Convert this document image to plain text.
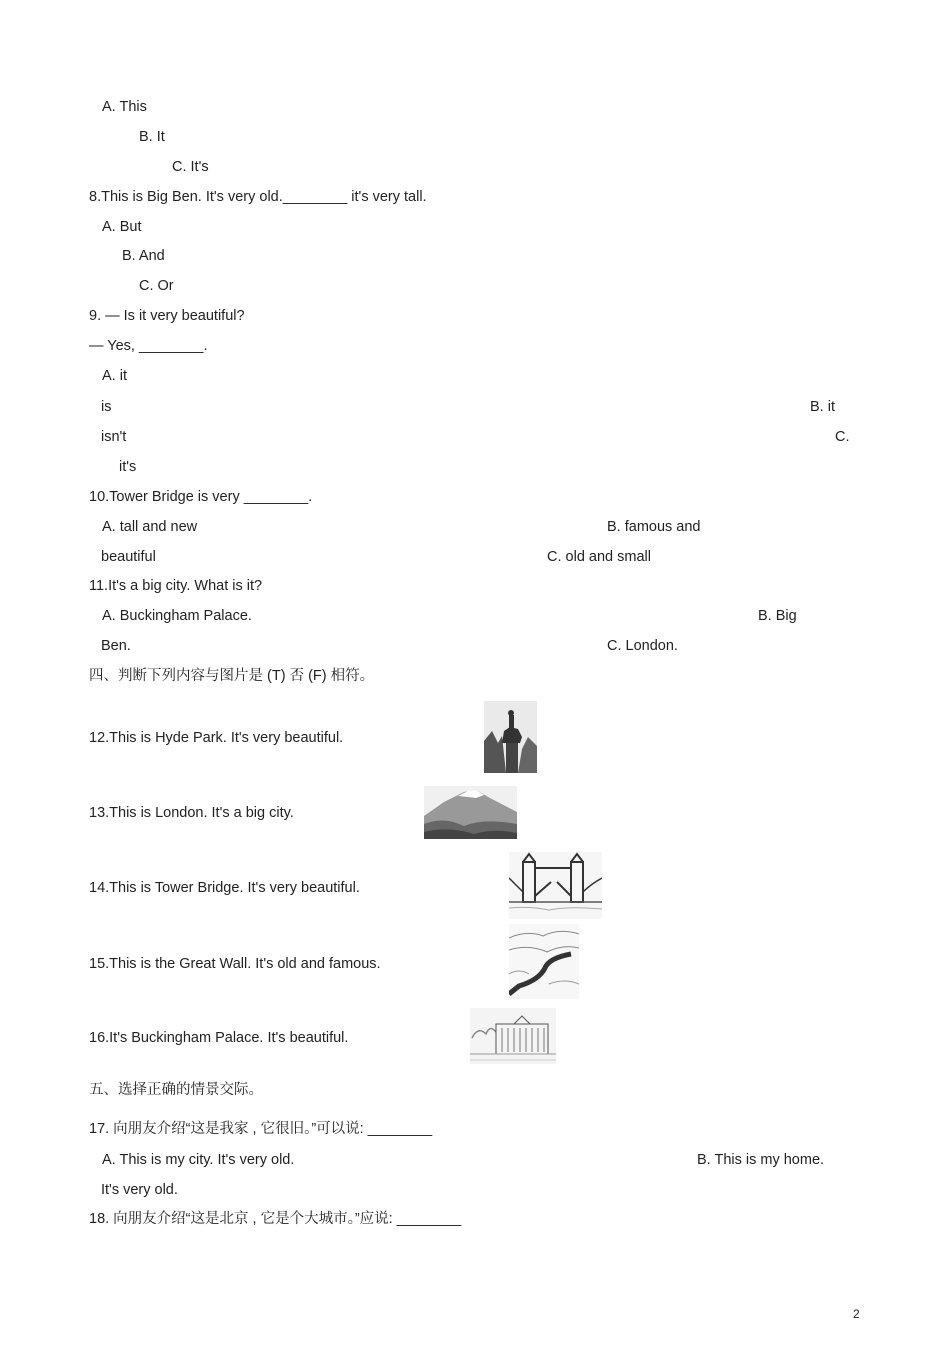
A. This
B. It
C. It's
8.This is Big Ben. It's very old.________ it's very tall.
A. But
B. And
C. Or
9. — Is it very beautiful?
— Yes, ________.
A. it
is	B. it
isn't	C.
it's
10.Tower Bridge is very ________.
A. tall and new	B. famous and
beautiful	C. old and small
11.It's a big city. What is it?
A. Buckingham Palace.	B. Big
Ben.	C. London.
四、判断下列内容与图片是 (T) 否 (F) 相符。
12.This is Hyde Park. It's very beautiful.
13.This is London. It's a big city.
14.This is Tower Bridge. It's very beautiful.
15.This is the Great Wall. It's old and famous.
16.It's Buckingham Palace. It's beautiful.
五、选择正确的情景交际。
17. 向朋友介绍“这是我家 , 它很旧。”可以说: ________
A. This is my city. It's very old.	B. This is my home.
It's very old.
18. 向朋友介绍“这是北京 , 它是个大城市。”应说: ________
2
